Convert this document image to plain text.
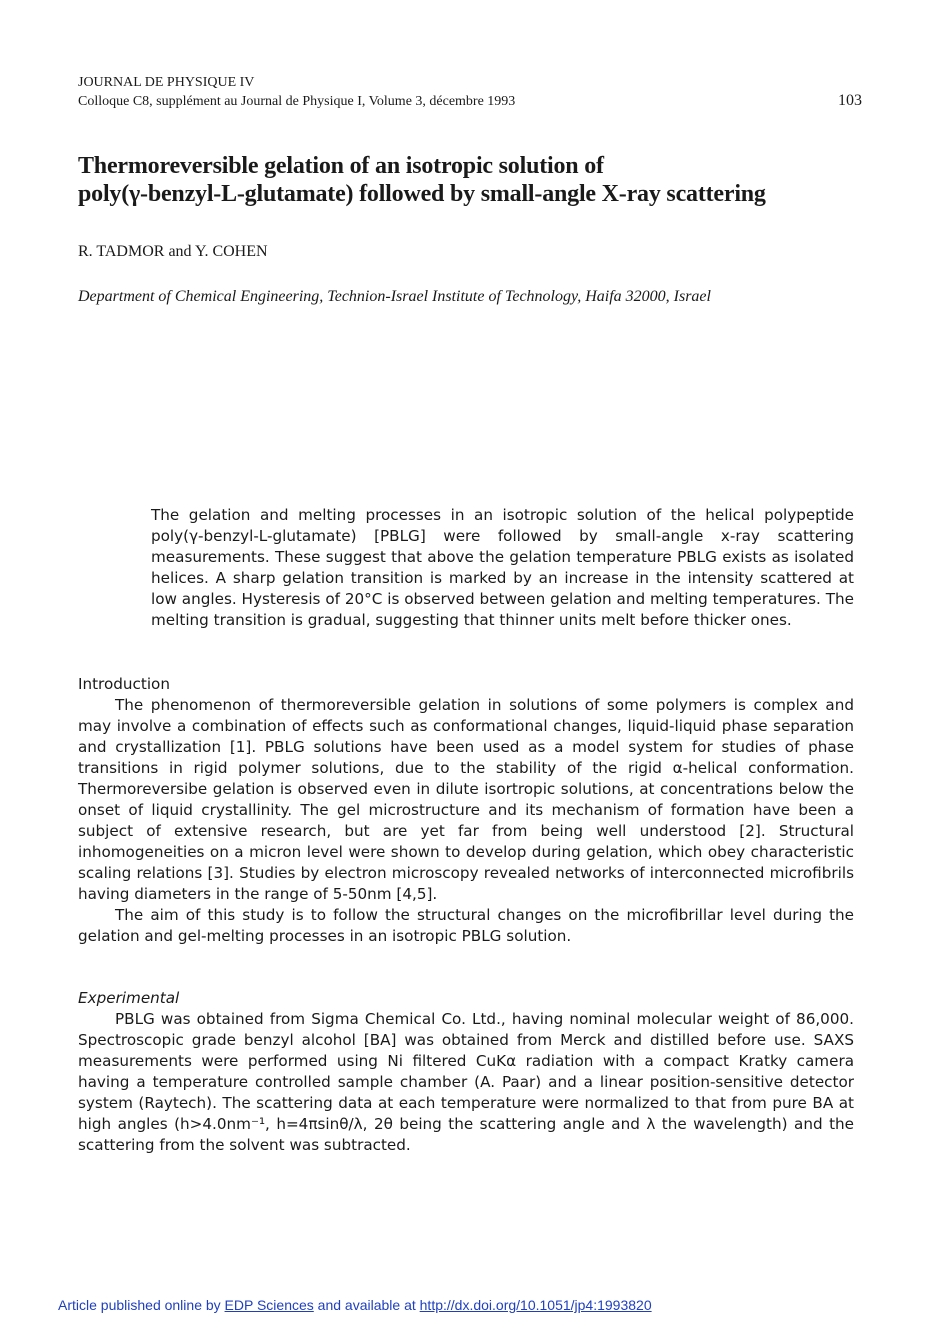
JOURNAL DE PHYSIQUE IV
Colloque C8, supplément au Journal de Physique I, Volume 3, décembre 1993	103
Thermoreversible gelation of an isotropic solution of
poly(γ-benzyl-L-glutamate) followed by small-angle X-ray scattering
R. TADMOR and Y. COHEN
Department of Chemical Engineering, Technion-Israel Institute of Technology, Haifa 32000, Israel

The gelation and melting processes in an isotropic solution of the helical polypeptide poly(γ-benzyl-L-glutamate) [PBLG] were followed by small-angle x-ray scattering measurements. These suggest that above the gelation temperature PBLG exists as isolated helices. A sharp gelation transition is marked by an increase in the intensity scattered at low angles. Hysteresis of 20°C is observed between gelation and melting temperatures. The melting transition is gradual, suggesting that thinner units melt before thicker ones.

Introduction

The phenomenon of thermoreversible gelation in solutions of some polymers is complex and may involve a combination of effects such as conformational changes, liquid-liquid phase separation and crystallization [1]. PBLG solutions have been used as a model system for studies of phase transitions in rigid polymer solutions, due to the stability of the rigid α-helical conformation. Thermoreversibe gelation is observed even in dilute isortropic solutions, at concentrations below the onset of liquid crystallinity. The gel microstructure and its mechanism of formation have been a subject of extensive research, but are yet far from being well understood [2]. Structural inhomogeneities on a micron level were shown to develop during gelation, which obey characteristic scaling relations [3]. Studies by electron microscopy revealed networks of interconnected microfibrils having diameters in the range of 5-50nm [4,5].

The aim of this study is to follow the structural changes on the microfibrillar level during the gelation and gel-melting processes in an isotropic PBLG solution.

Experimental

PBLG was obtained from Sigma Chemical Co. Ltd., having nominal molecular weight of 86,000. Spectroscopic grade benzyl alcohol [BA] was obtained from Merck and distilled before use. SAXS measurements were performed using Ni filtered CuKα radiation with a compact Kratky camera having a temperature controlled sample chamber (A. Paar) and a linear position-sensitive detector system (Raytech). The scattering data at each temperature were normalized to that from pure BA at high angles (h>4.0nm⁻¹, h=4πsinθ/λ, 2θ being the scattering angle and λ the wavelength) and the scattering from the solvent was subtracted.

Article published online by EDP Sciences and available at http://dx.doi.org/10.1051/jp4:1993820
